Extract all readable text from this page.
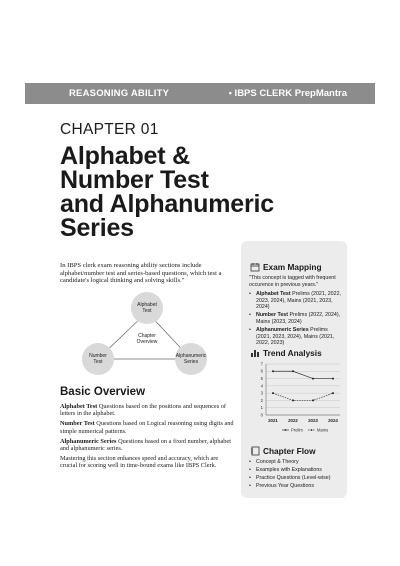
REASONING ABILITY	• IBPS CLERK PrepMantra
CHAPTER 01
Alphabet &
Number Test
and Alphanumeric
Series
In IBPS clerk exam reasoning ability sections include alphabet/number test and series-based questions, which test a candidate's logical thinking and solving skills."
Alphabet
Test
Chapter
Overview
Number
Test
Alphanumeric
Series
Basic Overview

Alphabet Test Questions based on the positions and sequences of letters in the alphabet.

Number Test Questions based on Logical reasoning using digits and simple numerical patterns.

Alphanumeric Series Questions based on a fixed number, alphabet and alphanumeric series.

Mastering this section enhances speed and accuracy, which are crucial for scoring well in time-bound exams like IBPS Clerk.

Exam Mapping
"This concept is tagged with frequent occurence in previous years."
• Alphabet Test Prelims (2021, 2022, 2023, 2024), Mains (2021, 2023, 2024)
• Number Test Prelims (2022, 2024), Mains (2023, 2024)
• Alphanumeric Series Prelims (2021, 2023, 2024), Mains (2021, 2022, 2023)
Trend Analysis
0
1
2
3
4
5
6
7
2021 2022 2023 2024
Prelim	Mains
Chapter Flow
• Concept & Theory
• Examples with Explanations
• Practice Questions (Level-wise)
• Previous Year Questions
